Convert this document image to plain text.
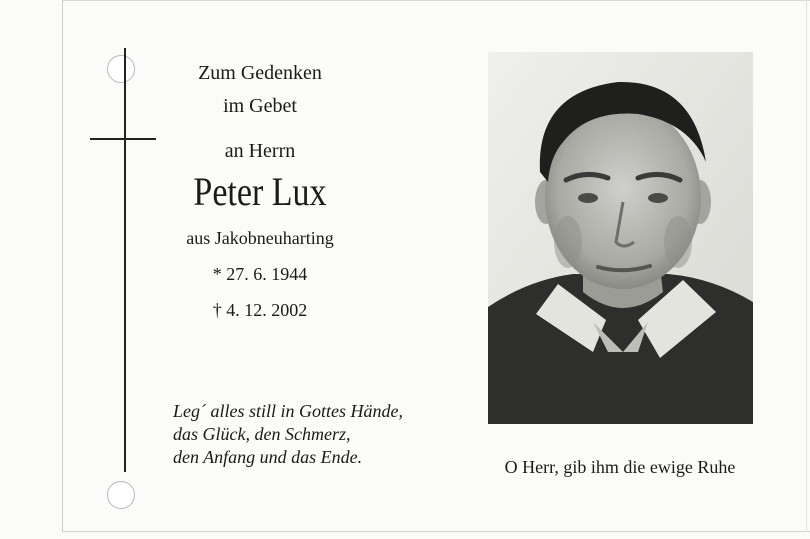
Zum Gedenken
im Gebet
an Herrn
Peter Lux
aus Jakobneuharting
* 27. 6. 1944
† 4. 12. 2002
Leg´ alles still in Gottes Hände,
das Glück, den Schmerz,
den Anfang und das Ende.	O Herr, gib ihm die ewige Ruhe
